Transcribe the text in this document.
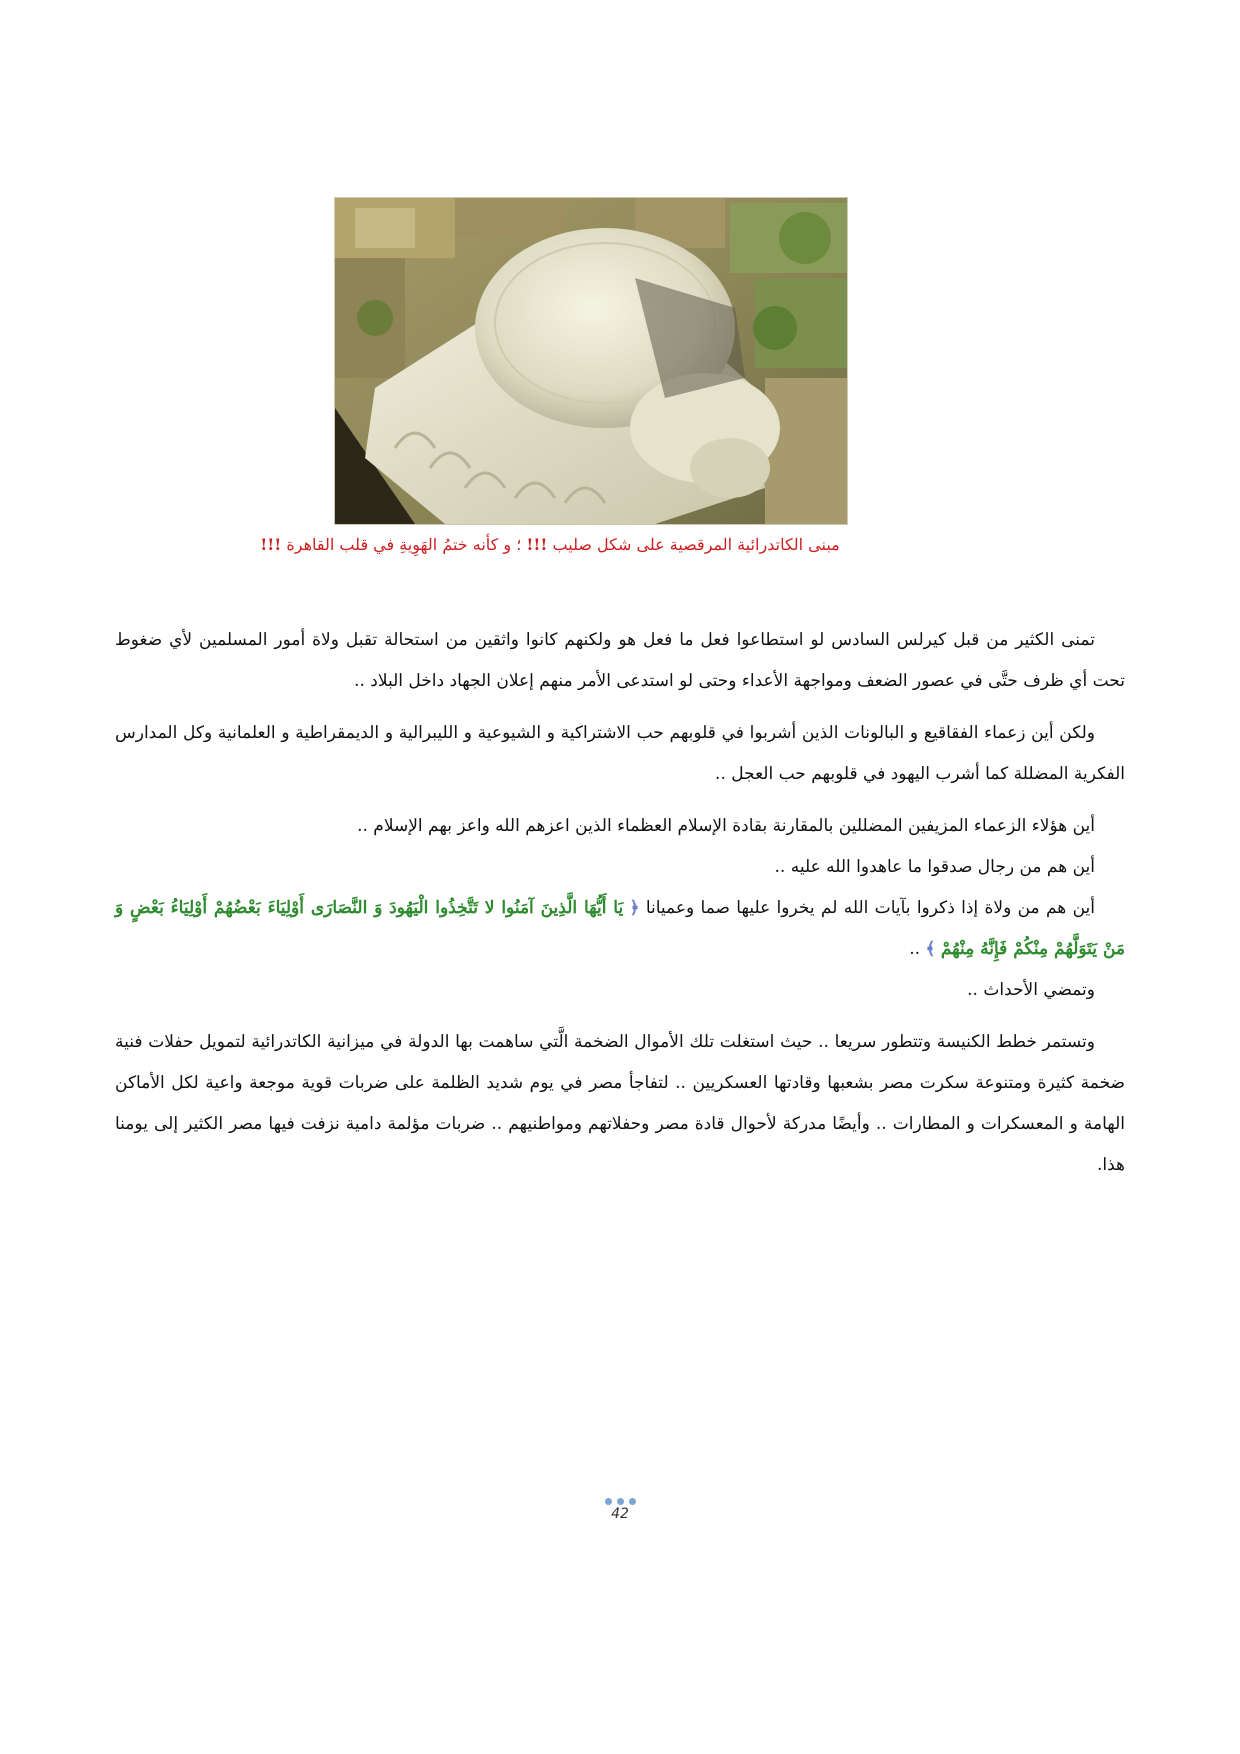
مبنى الكاتدرائية المرقصية على شكل صليب !!! ؛ و كأنه ختمُ الهَوِيةِ في قلب القاهرة !!!

تمنى الكثير من قبل كيرلس السادس لو استطاعوا فعل ما فعل هو ولكنهم كانوا واثقين من استحالة تقبل ولاة أمور المسلمين لأي ضغوط تحت أي ظرف حتَّى في عصور الضعف ومواجهة الأعداء وحتى لو استدعى الأمر منهم إعلان الجهاد داخل البلاد ..

ولكن أين زعماء الفقاقيع و البالونات الذين أشربوا في قلوبهم حب الاشتراكية و الشيوعية و الليبرالية و الديمقراطية و العلمانية وكل المدارس الفكرية المضللة كما أشرب اليهود في قلوبهم حب العجل ..

أين هؤلاء الزعماء المزيفين المضللين بالمقارنة بقادة الإسلام العظماء الذين اعزهم الله واعز بهم الإسلام ..

أين هم من رجال صدقوا ما عاهدوا الله عليه ..

أين هم من ولاة إذا ذكروا بآيات الله لم يخروا عليها صما وعميانا ﴿ يَا أَيُّهَا الَّذِينَ آمَنُوا لا تَتَّخِذُوا الْيَهُودَ وَ النَّصَارَى أَوْلِيَاءَ بَعْضُهُمْ أَوْلِيَاءُ بَعْضٍ وَ مَنْ يَتَوَلَّهُمْ مِنْكُمْ فَإِنَّهُ مِنْهُمْ ﴾ ..

وتمضي الأحداث ..

وتستمر خطط الكنيسة وتتطور سريعا .. حيث استغلت تلك الأموال الضخمة الَّتي ساهمت بها الدولة في ميزانية الكاتدرائية لتمويل حفلات فنية ضخمة كثيرة ومتنوعة سكرت مصر بشعبها وقادتها العسكريين .. لتفاجأ مصر في يوم شديد الظلمة على ضربات قوية موجعة واعية لكل الأماكن الهامة و المعسكرات و المطارات .. وأيضًا مدركة لأحوال قادة مصر وحفلاتهم ومواطنيهم .. ضربات مؤلمة دامية نزفت فيها مصر الكثير إلى يومنا هذا.

42
